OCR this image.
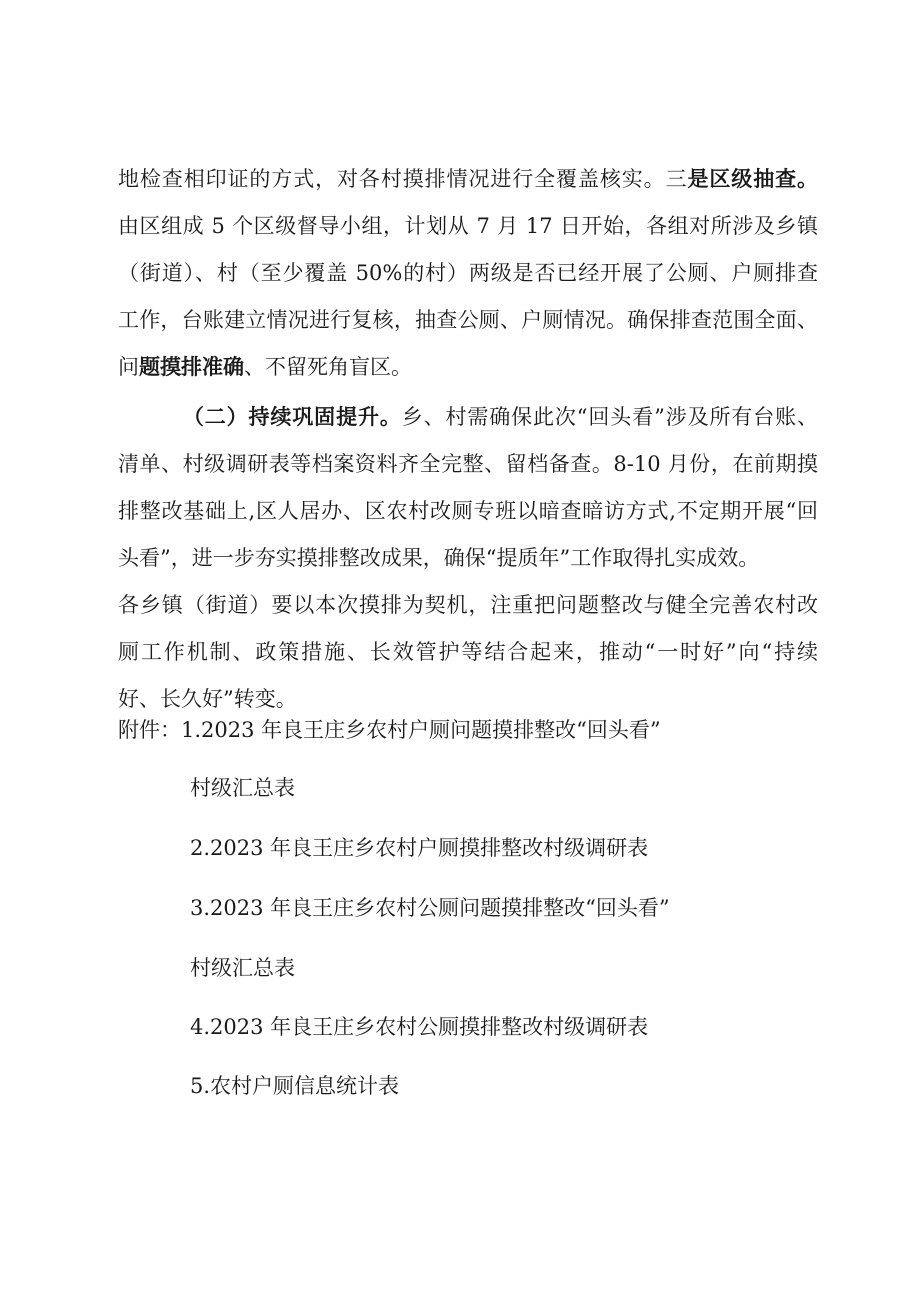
地检查相印证的方式，对各村摸排情况进行全覆盖核实。三是区级抽查。
由区组成 5 个区级督导小组，计划从 7 月 17 日开始，各组对所涉及乡镇
（街道）、村（至少覆盖 50%的村）两级是否已经开展了公厕、户厕排查
工作，台账建立情况进行复核，抽查公厕、户厕情况。确保排查范围全面、
问题摸排准确、不留死角盲区。
（二）持续巩固提升。乡、村需确保此次“回头看”涉及所有台账、
清单、村级调研表等档案资料齐全完整、留档备查。8-10 月份，在前期摸
排整改基础上,区人居办、区农村改厕专班以暗查暗访方式,不定期开展“回
头看”，进一步夯实摸排整改成果，确保“提质年”工作取得扎实成效。
各乡镇（街道）要以本次摸排为契机，注重把问题整改与健全完善农村改
厕工作机制、政策措施、长效管护等结合起来，推动“一时好”向“持续
好、长久好”转变。
附件：1.2023 年良王庄乡农村户厕问题摸排整改“回头看”
村级汇总表
2.2023 年良王庄乡农村户厕摸排整改村级调研表
3.2023 年良王庄乡农村公厕问题摸排整改“回头看”
村级汇总表
4.2023 年良王庄乡农村公厕摸排整改村级调研表
5.农村户厕信息统计表
